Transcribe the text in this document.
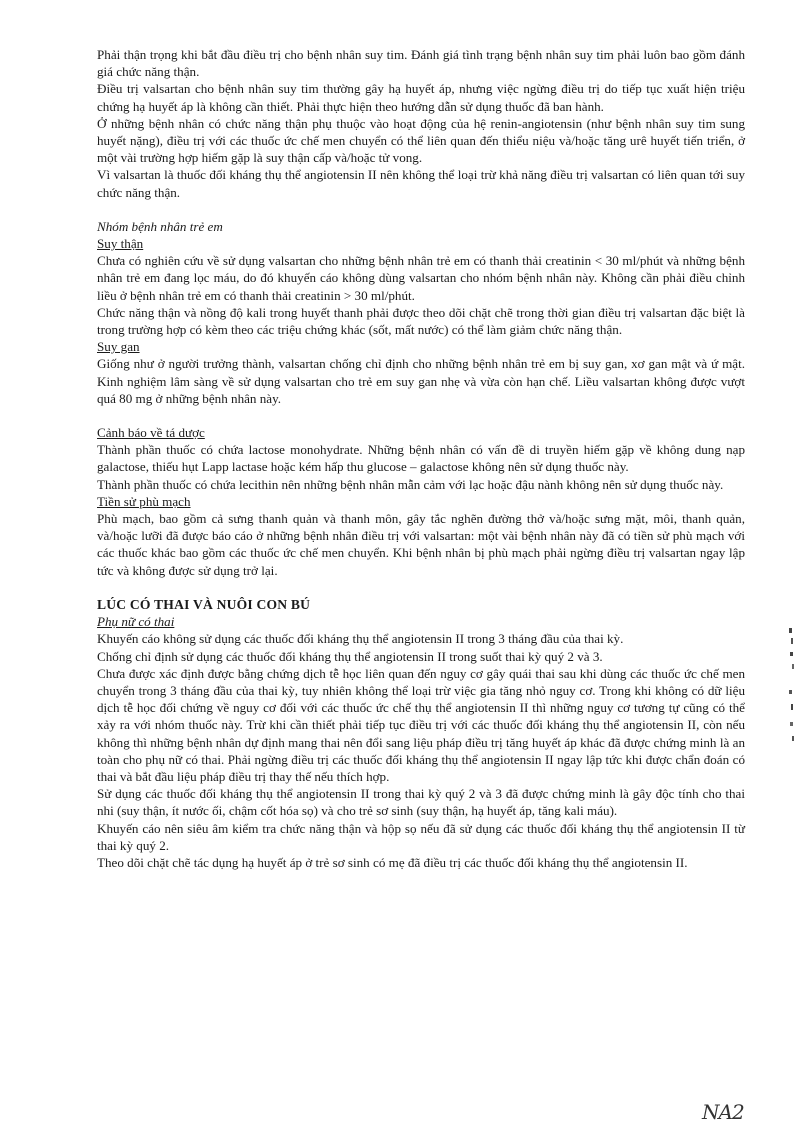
Phải thận trọng khi bắt đầu điều trị cho bệnh nhân suy tim. Đánh giá tình trạng bệnh nhân suy tim phải luôn bao gồm đánh giá chức năng thận.

Điều trị valsartan cho bệnh nhân suy tim thường gây hạ huyết áp, nhưng việc ngừng điều trị do tiếp tục xuất hiện triệu chứng hạ huyết áp là không cần thiết. Phải thực hiện theo hướng dẫn sử dụng thuốc đã ban hành.

Ở những bệnh nhân có chức năng thận phụ thuộc vào hoạt động của hệ renin-angiotensin (như bệnh nhân suy tim sung huyết nặng), điều trị với các thuốc ức chế men chuyển có thể liên quan đến thiểu niệu và/hoặc tăng urê huyết tiến triển, ở một vài trường hợp hiếm gặp là suy thận cấp và/hoặc tử vong.

Vì valsartan là thuốc đối kháng thụ thể angiotensin II nên không thể loại trừ khả năng điều trị valsartan có liên quan tới suy chức năng thận.

Nhóm bệnh nhân trẻ em

Suy thận

Chưa có nghiên cứu về sử dụng valsartan cho những bệnh nhân trẻ em có thanh thải creatinin < 30 ml/phút và những bệnh nhân trẻ em đang lọc máu, do đó khuyến cáo không dùng valsartan cho nhóm bệnh nhân này. Không cần phải điều chỉnh liều ở bệnh nhân trẻ em có thanh thải creatinin > 30 ml/phút.

Chức năng thận và nồng độ kali trong huyết thanh phải được theo dõi chặt chẽ trong thời gian điều trị valsartan đặc biệt là trong trường hợp có kèm theo các triệu chứng khác (sốt, mất nước) có thể làm giảm chức năng thận.

Suy gan

Giống như ở người trưởng thành, valsartan chống chỉ định cho những bệnh nhân trẻ em bị suy gan, xơ gan mật và ứ mật. Kinh nghiệm lâm sàng về sử dụng valsartan cho trẻ em suy gan nhẹ và vừa còn hạn chế. Liều valsartan không được vượt quá 80 mg ở những bệnh nhân này.

Cảnh báo về tá dược

Thành phần thuốc có chứa lactose monohydrate. Những bệnh nhân có vấn đề di truyền hiếm gặp về không dung nạp galactose, thiếu hụt Lapp lactase hoặc kém hấp thu glucose – galactose không nên sử dụng thuốc này.

Thành phần thuốc có chứa lecithin nên những bệnh nhân mẫn cảm với lạc hoặc đậu nành không nên sử dụng thuốc này.

Tiền sử phù mạch

Phù mạch, bao gồm cả sưng thanh quản và thanh môn, gây tắc nghẽn đường thở và/hoặc sưng mặt, môi, thanh quản, và/hoặc lưỡi đã được báo cáo ở những bệnh nhân điều trị với valsartan: một vài bệnh nhân này đã có tiền sử phù mạch với các thuốc khác bao gồm các thuốc ức chế men chuyển. Khi bệnh nhân bị phù mạch phải ngừng điều trị valsartan ngay lập tức và không được sử dụng trở lại.

LÚC CÓ THAI VÀ NUÔI CON BÚ

Phụ nữ có thai

Khuyến cáo không sử dụng các thuốc đối kháng thụ thể angiotensin II trong 3 tháng đầu của thai kỳ.

Chống chỉ định sử dụng các thuốc đối kháng thụ thể angiotensin II trong suốt thai kỳ quý 2 và 3.

Chưa được xác định được bằng chứng dịch tễ học liên quan đến nguy cơ gây quái thai sau khi dùng các thuốc ức chế men chuyển trong 3 tháng đầu của thai kỳ, tuy nhiên không thể loại trừ việc gia tăng nhỏ nguy cơ. Trong khi không có dữ liệu dịch tễ học đối chứng về nguy cơ đối với các thuốc ức chế thụ thể angiotensin II thì những nguy cơ tương tự cũng có thể xảy ra với nhóm thuốc này. Trừ khi cần thiết phải tiếp tục điều trị với các thuốc đối kháng thụ thể angiotensin II, còn nếu không thì những bệnh nhân dự định mang thai nên đổi sang liệu pháp điều trị tăng huyết áp khác đã được chứng minh là an toàn cho phụ nữ có thai. Phải ngừng điều trị các thuốc đối kháng thụ thể angiotensin II ngay lập tức khi được chẩn đoán có thai và bắt đầu liệu pháp điều trị thay thế nếu thích hợp.

Sử dụng các thuốc đối kháng thụ thể angiotensin II trong thai kỳ quý 2 và 3 đã được chứng minh là gây độc tính cho thai nhi (suy thận, ít nước ối, chậm cốt hóa sọ) và cho trẻ sơ sinh (suy thận, hạ huyết áp, tăng kali máu).

Khuyến cáo nên siêu âm kiểm tra chức năng thận và hộp sọ nếu đã sử dụng các thuốc đối kháng thụ thể angiotensin II từ thai kỳ quý 2.

Theo dõi chặt chẽ tác dụng hạ huyết áp ở trẻ sơ sinh có mẹ đã điều trị các thuốc đối kháng thụ thể angiotensin II.

NA2
